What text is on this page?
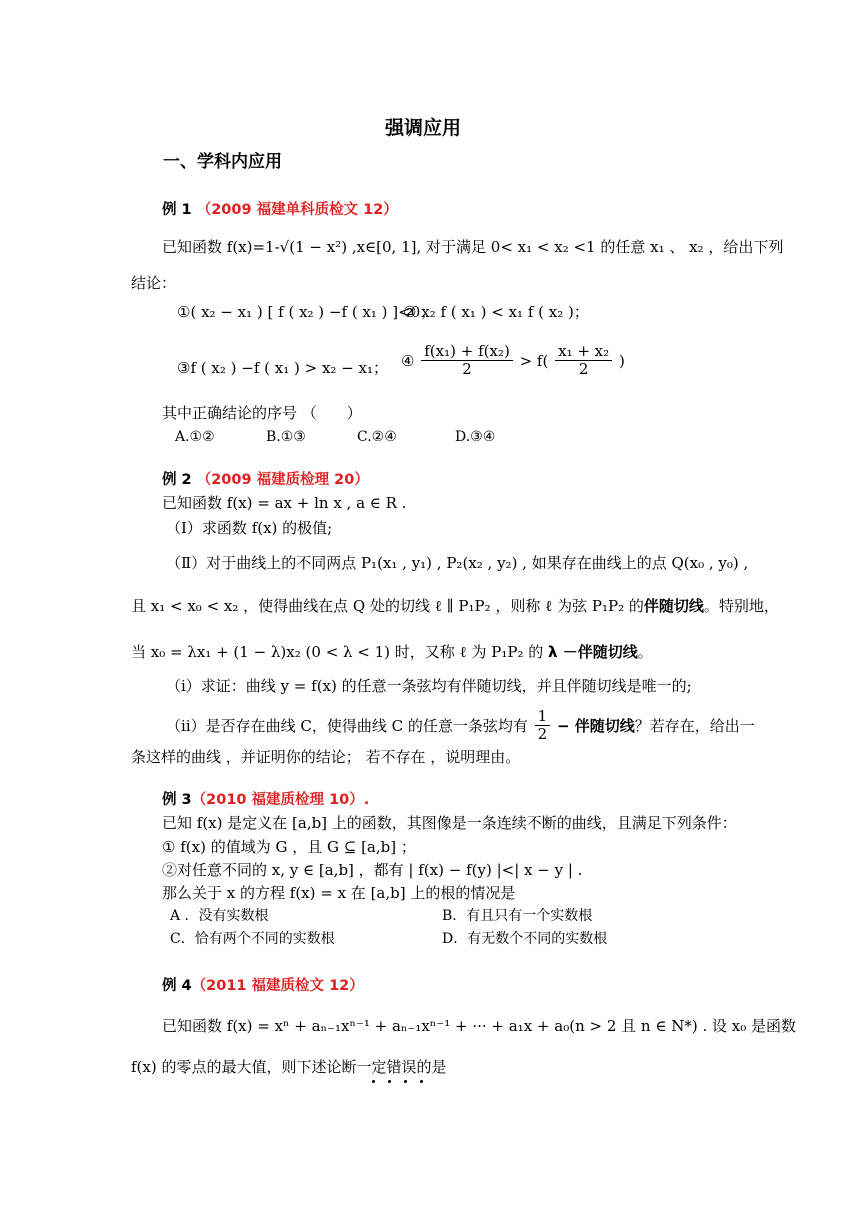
强调应用
一、学科内应用
例 1 （2009 福建单科质检文 12）
已知函数 f(x)=1-√(1 − x²) ,x∈[0, 1], 对于满足 0< x₁ < x₂ <1 的任意 x₁ 、 x₂ ，给出下列
结论：
①( x₂ − x₁ ) [ f ( x₂ ) −f ( x₁ ) ]<0；
② x₂ f ( x₁ ) < x₁ f ( x₂ )；
③f ( x₂ ) −f ( x₁ ) > x₂ − x₁； ④ $\frac{\text{f(x₁) + f(x₂)}}{2} > f( \frac{\text{x₁ + x₂}}{2}$ )
其中正确结论的序号 （　　）
A.①②	B.①③	C.②④	D.③④
例 2 （2009 福建质检理 20）
已知函数 f(x) = ax + ln x , a ∈ R .
（Ⅰ）求函数 f(x) 的极值;
（Ⅱ）对于曲线上的不同两点 P₁(x₁ , y₁) , P₂(x₂ , y₂) , 如果存在曲线上的点 Q(x₀ , y₀) ,
且 x₁ < x₀ < x₂ ，使得曲线在点 Q 处的切线 ℓ ∥ P₁P₂ ，则称 ℓ 为弦 P₁P₂ 的伴随切线。特别地，
当 x₀ = λx₁ + (1 − λ)x₂ (0 < λ < 1) 时，又称 ℓ 为 P₁P₂ 的 λ －伴随切线。
（ⅰ）求证：曲线 y = f(x) 的任意一条弦均有伴随切线，并且伴随切线是唯一的;
（ⅱ）是否存在曲线 C，使得曲线 C 的任意一条弦均有 $\frac{1}{2}$ − 伴随切线？若存在，给出一
条这样的曲线 ，并证明你的结论； 若不存在 ，说明理由。
例 3（2010 福建质检理 10）.
已知 f(x) 是定义在 [a,b] 上的函数，其图像是一条连续不断的曲线，且满足下列条件：
① f(x) 的值域为 G ，且 G ⊆ [a,b] ；
②对任意不同的 x, y ∈ [a,b] ，都有 | f(x) − f(y) |<| x − y | .
那么关于 x 的方程 f(x) = x 在 [a,b] 上的根的情况是
A ．没有实数根	B．有且只有一个实数根
C．恰有两个不同的实数根	D．有无数个不同的实数根
例 4（2011 福建质检文 12）
已知函数 f(x) = xⁿ + aₙ₋₁xⁿ⁻¹ + aₙ₋₁xⁿ⁻¹ + ··· + a₁x + a₀(n > 2 且 n ∈ N*) . 设 x₀ 是函数
f(x) 的零点的最大值，则下述论断一定错误的是
